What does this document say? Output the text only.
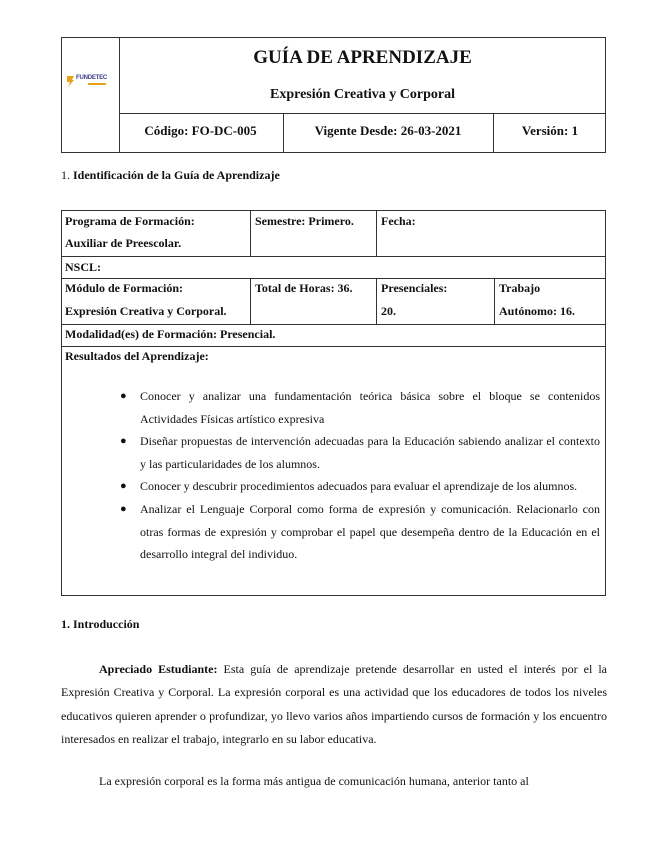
FUNDETEC
GUÍA DE APRENDIZAJE
Expresión Creativa y Corporal
Código: FO-DC-005	Vigente Desde: 26-03-2021	Versión: 1
1. Identificación de la Guía de Aprendizaje
Programa de Formación:
Auxiliar de Preescolar.
Semestre: Primero. Fecha:
NSCL:
Módulo de Formación:
Expresión Creativa y Corporal.
Total de Horas: 36. Presenciales:
20.
Trabajo
Autónomo: 16.
Modalidad(es) de Formación: Presencial.
Resultados del Aprendizaje:
● Conocer y analizar una fundamentación teórica básica sobre el bloque se contenidos Actividades Físicas artístico expresiva
● Diseñar propuestas de intervención adecuadas para la Educación sabiendo analizar el contexto y las particularidades de los alumnos.
● Conocer y descubrir procedimientos adecuados para evaluar el aprendizaje de los alumnos.
● Analizar el Lenguaje Corporal como forma de expresión y comunicación. Relacionarlo con otras formas de expresión y comprobar el papel que desempeña dentro de la Educación en el desarrollo integral del individuo.
1. Introducción
Apreciado Estudiante: Esta guía de aprendizaje pretende desarrollar en usted el interés por el la Expresión Creativa y Corporal. La expresión corporal es una actividad que los educadores de todos los niveles educativos quieren aprender o profundizar, yo llevo varios años impartiendo cursos de formación y los encuentro interesados en realizar el trabajo, integrarlo en su labor educativa.
La expresión corporal es la forma más antigua de comunicación humana, anterior tanto al
